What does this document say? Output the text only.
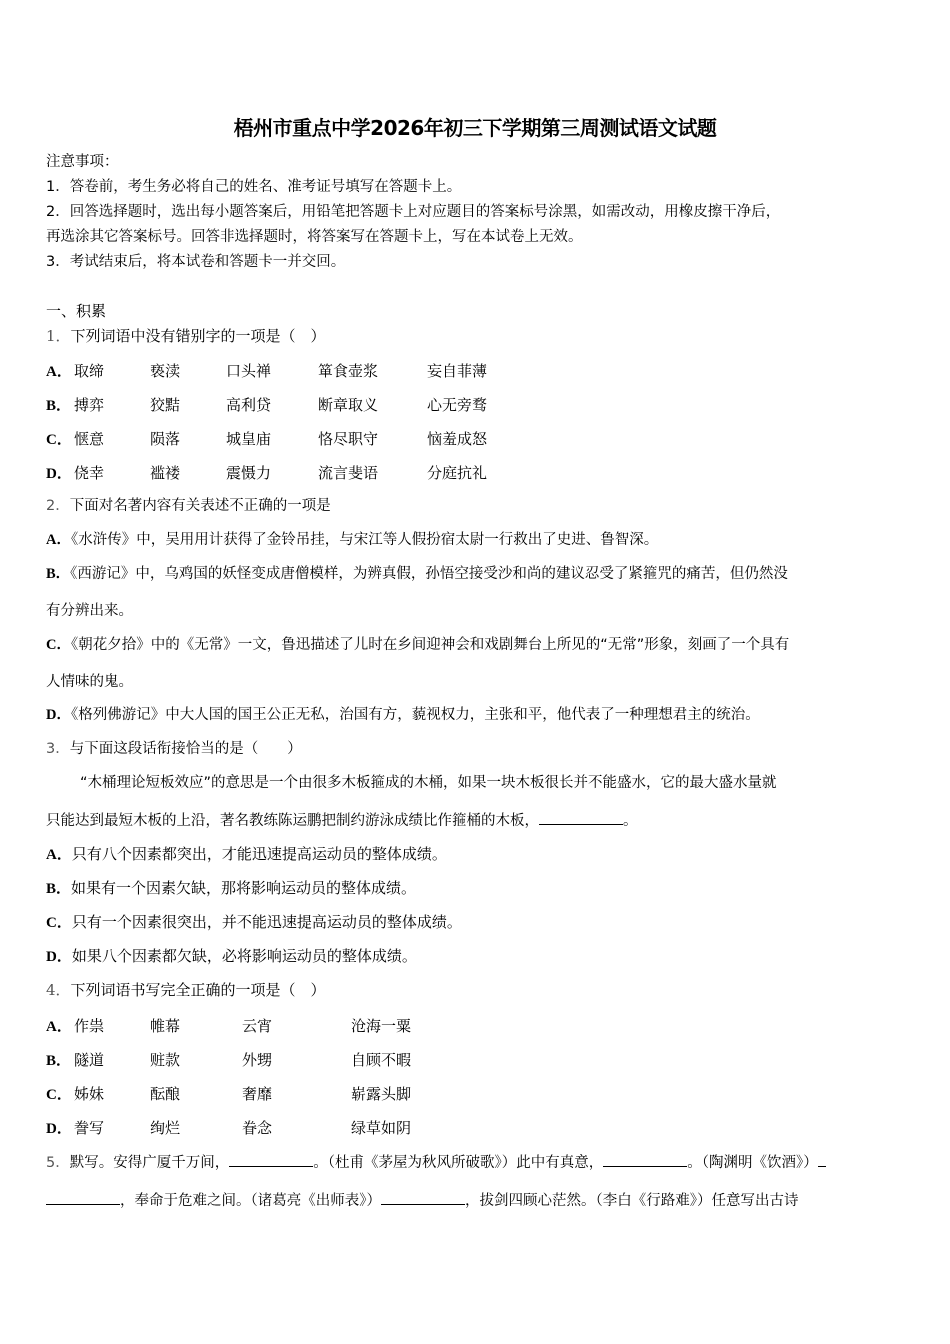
梧州市重点中学2026年初三下学期第三周测试语文试题
注意事项：
1．答卷前，考生务必将自己的姓名、准考证号填写在答题卡上。
2．回答选择题时，选出每小题答案后，用铅笔把答题卡上对应题目的答案标号涂黑，如需改动，用橡皮擦干净后，
再选涂其它答案标号。回答非选择题时，将答案写在答题卡上，写在本试卷上无效。
3．考试结束后，将本试卷和答题卡一并交回。
一、积累
1．下列词语中没有错别字的一项是（　）
A． 取缔	亵渎	口头禅	箪食壶浆	妄自菲薄
B． 搏弈	狡黠	高利贷	断章取义	心无旁骛
C． 惬意	陨落	城皇庙	恪尽职守	恼羞成怒
D． 侥幸	褴褛	震慑力	流言斐语	分庭抗礼
2．下面对名著内容有关表述不正确的一项是
A．《水浒传》中，吴用用计获得了金铃吊挂，与宋江等人假扮宿太尉一行救出了史进、鲁智深。
B．《西游记》中，乌鸡国的妖怪变成唐僧模样，为辨真假，孙悟空接受沙和尚的建议忍受了紧箍咒的痛苦，但仍然没
有分辨出来。
C．《朝花夕拾》中的《无常》一文，鲁迅描述了儿时在乡间迎神会和戏剧舞台上所见的“无常”形象，刻画了一个具有
人情味的鬼。
D．《格列佛游记》中大人国的国王公正无私，治国有方，藐视权力，主张和平，他代表了一种理想君主的统治。
3．与下面这段话衔接恰当的是（　　）
“木桶理论短板效应”的意思是一个由很多木板箍成的木桶，如果一块木板很长并不能盛水，它的最大盛水量就
只能达到最短木板的上沿，著名教练陈运鹏把制约游泳成绩比作箍桶的木板，	。
A．只有八个因素都突出，才能迅速提高运动员的整体成绩。
B．如果有一个因素欠缺，那将影响运动员的整体成绩。
C．只有一个因素很突出，并不能迅速提高运动员的整体成绩。
D．如果八个因素都欠缺，必将影响运动员的整体成绩。
4．下列词语书写完全正确的一项是（　）
A． 作祟	帷幕	云宵	沧海一粟
B． 隧道	赃款	外甥	自顾不暇
C． 姊妹	酝酿	奢靡	崭露头脚
D． 誊写	绚烂	眷念	绿草如阴
5．默写。安得广厦千万间，	。（杜甫《茅屋为秋风所破歌》）此中有真意，	。（陶渊明《饮酒》）
，奉命于危难之间。（诸葛亮《出师表》）	，拔剑四顾心茫然。（李白《行路难》）任意写出古诗
